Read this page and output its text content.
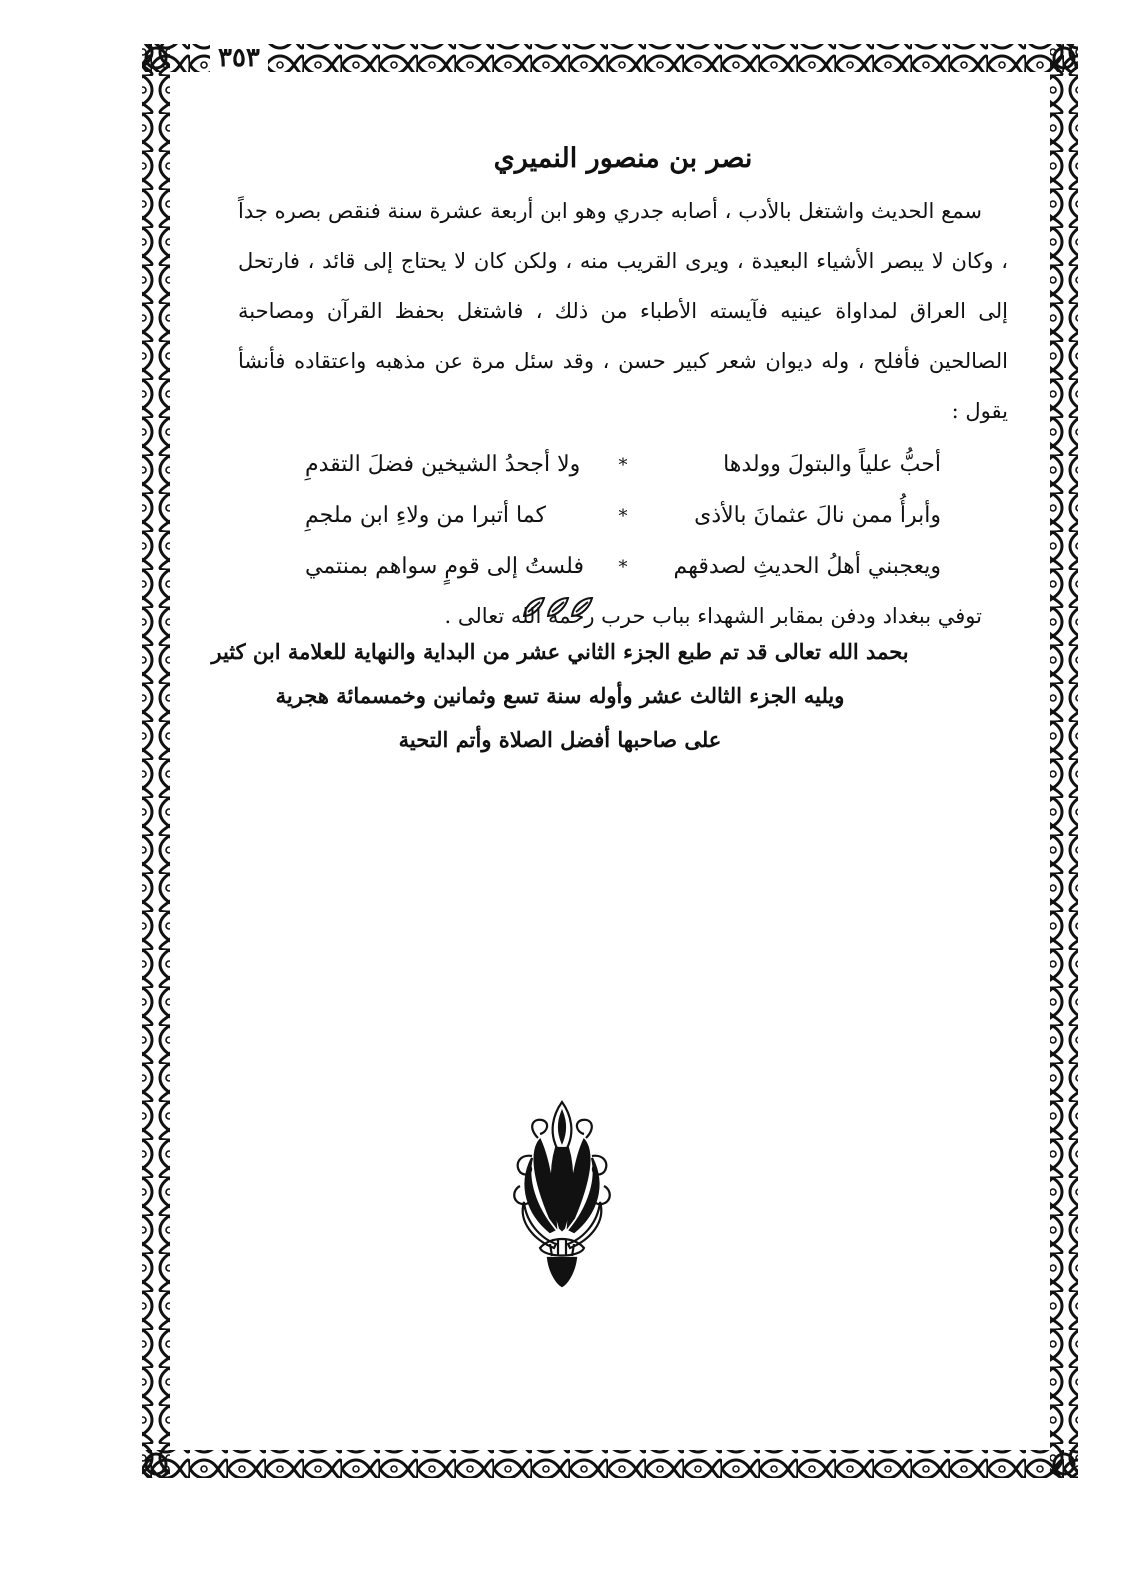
٣٥٣
نصر بن منصور النميري

سمع الحديث واشتغل بالأدب ، أصابه جدري وهو ابن أربعة عشرة سنة فنقص بصره جداً ، وكان لا يبصر الأشياء البعيدة ، ويرى القريب منه ، ولكن كان لا يحتاج إلى قائد ، فارتحل إلى العراق لمداواة عينيه فآيسته الأطباء من ذلك ، فاشتغل بحفظ القرآن ومصاحبة الصالحين فأفلح ، وله ديوان شعر كبير حسن ، وقد سئل مرة عن مذهبه واعتقاده فأنشأ يقول :

أحبُّ علياً والبتولَ وولدها
*
ولا أجحدُ الشيخين فضلَ التقدمِ
وأبرأُ ممن نالَ عثمانَ بالأذى
*
كما أتبرا من ولاءِ ابن ملجمِ
ويعجبني أهلُ الحديثِ لصدقهم
*
فلستُ إلى قومٍ سواهم بمنتمي

توفي ببغداد ودفن بمقابر الشهداء بباب حرب رحمه الله تعالى .

بحمد الله تعالى قد تم طبع الجزء الثاني عشر من البداية والنهاية للعلامة ابن كثير

ويليه الجزء الثالث عشر وأوله سنة تسع وثمانين وخمسمائة هجرية

على صاحبها أفضل الصلاة وأتم التحية
